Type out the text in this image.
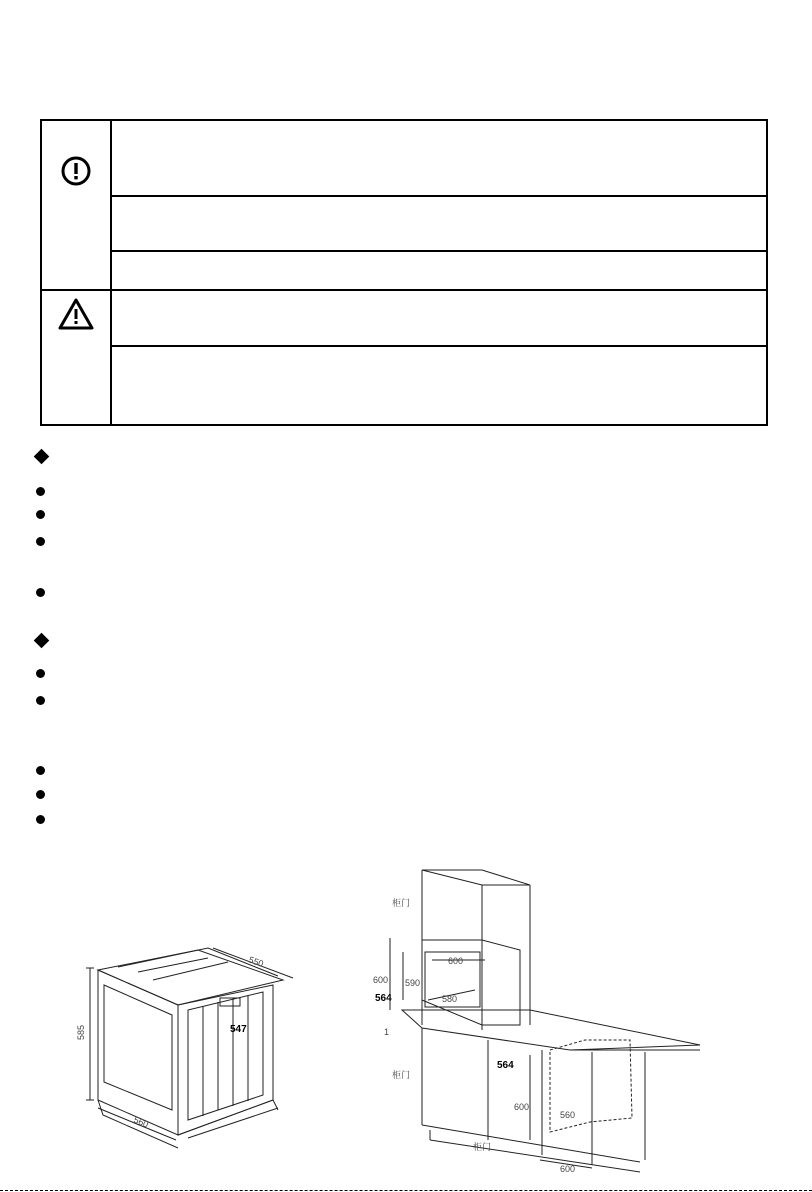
585
550
560
547
柜门
柜门
柜门
600
564
600
590
580
1
564
600
560
600
